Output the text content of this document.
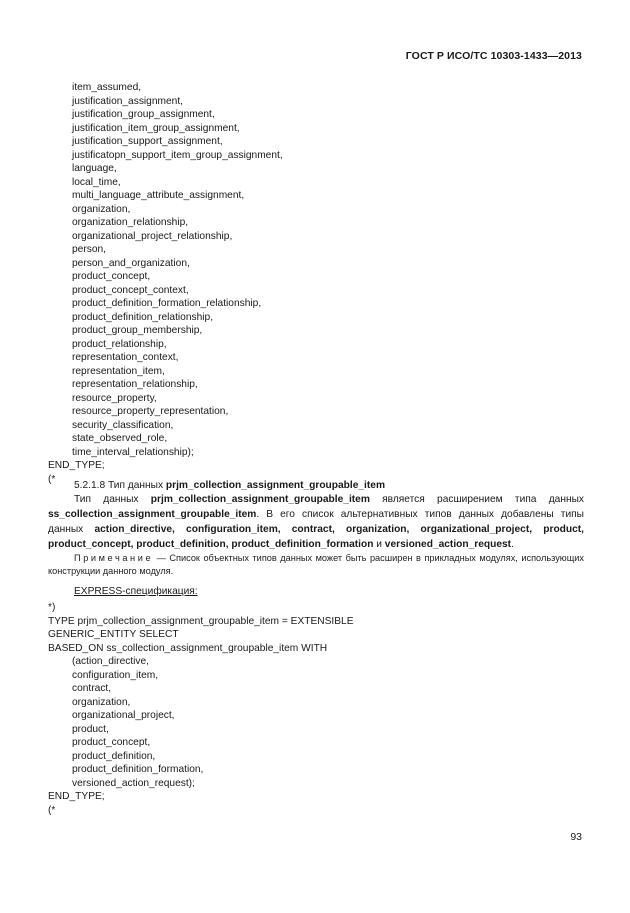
ГОСТ Р ИСО/ТС 10303-1433—2013
item_assumed,
justification_assignment,
justification_group_assignment,
justification_item_group_assignment,
justification_support_assignment,
justificatopn_support_item_group_assignment,
language,
local_time,
multi_language_attribute_assignment,
organization,
organization_relationship,
organizational_project_relationship,
person,
person_and_organization,
product_concept,
product_concept_context,
product_definition_formation_relationship,
product_definition_relationship,
product_group_membership,
product_relationship,
representation_context,
representation_item,
representation_relationship,
resource_property,
resource_property_representation,
security_classification,
state_observed_role,
time_interval_relationship);
END_TYPE;
(*
5.2.1.8 Тип данных prjm_collection_assignment_groupable_item
Тип данных prjm_collection_assignment_groupable_item является расширением типа данных ss_collection_assignment_groupable_item. В его список альтернативных типов данных добавлены типы данных action_directive, configuration_item, contract, organization, organizational_project, product, product_concept, product_definition, product_definition_formation и versioned_action_request.
Примечание — Список объектных типов данных может быть расширен в прикладных модулях, использующих конструкции данного модуля.
EXPRESS-спецификация:
*)
TYPE prjm_collection_assignment_groupable_item = EXTENSIBLE
GENERIC_ENTITY SELECT
BASED_ON ss_collection_assignment_groupable_item WITH
(action_directive,
configuration_item,
contract,
organization,
organizational_project,
product,
product_concept,
product_definition,
product_definition_formation,
versioned_action_request);
END_TYPE;
(*
93
